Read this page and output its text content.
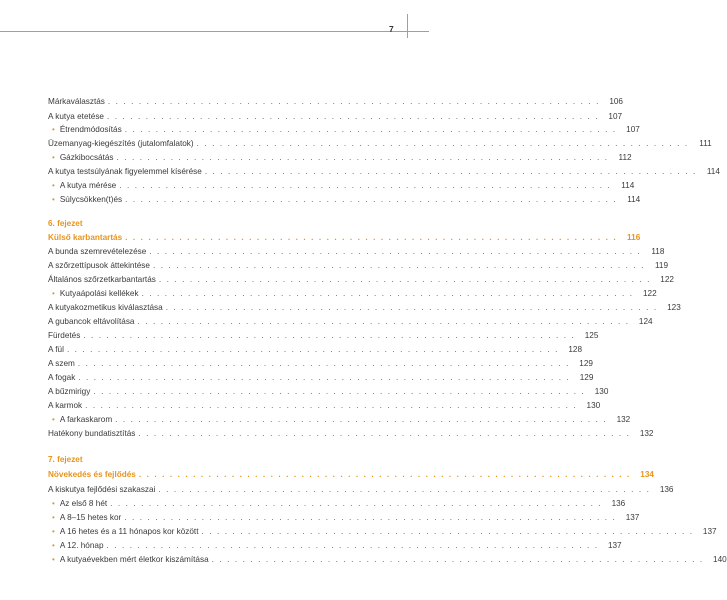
7
Márkaválasztás . . . . . . . . . . . . . . . . . . . . . . . . . . . . . . . . . . . . . . . . . . . . . . . . . . . . . . . . . . . . . . . .	106
A kutya etetése . . . . . . . . . . . . . . . . . . . . . . . . . . . . . . . . . . . . . . . . . . . . . . . . . . . . . . . . . . . . . . . .	107
• Étrendmódosítás . . . . . . . . . . . . . . . . . . . . . . . . . . . . . . . . . . . . . . . . . . . . . . . . . . . . . . . . . . . . . . . .	107
Üzemanyag-kiegészítés (jutalomfalatok) . . . . . . . . . . . . . . . . . . . . . . . . . . . . . . . . . . . . . . . . . . . . . . . . . . . . . . . . . . . . . . . .	111
• Gázkibocsátás . . . . . . . . . . . . . . . . . . . . . . . . . . . . . . . . . . . . . . . . . . . . . . . . . . . . . . . . . . . . . . . .	112
A kutya testsúlyának figyelemmel kísérése . . . . . . . . . . . . . . . . . . . . . . . . . . . . . . . . . . . . . . . . . . . . . . . . . . . . . . . . . . . . . . . .	114
• A kutya mérése . . . . . . . . . . . . . . . . . . . . . . . . . . . . . . . . . . . . . . . . . . . . . . . . . . . . . . . . . . . . . . . .	114
• Súlycsökken(t)és . . . . . . . . . . . . . . . . . . . . . . . . . . . . . . . . . . . . . . . . . . . . . . . . . . . . . . . . . . . . . . . .	114
6. fejezet
Külső karbantartás . . . . . . . . . . . . . . . . . . . . . . . . . . . . . . . . . . . . . . . . . . . . . . . . . . . . . . . . . . . . . . . .	116
A bunda szemrevételezése . . . . . . . . . . . . . . . . . . . . . . . . . . . . . . . . . . . . . . . . . . . . . . . . . . . . . . . . . . . . . . . .	118
A szőrzettípusok áttekintése . . . . . . . . . . . . . . . . . . . . . . . . . . . . . . . . . . . . . . . . . . . . . . . . . . . . . . . . . . . . . . . .	119
Általános szőrzetkarbantartás . . . . . . . . . . . . . . . . . . . . . . . . . . . . . . . . . . . . . . . . . . . . . . . . . . . . . . . . . . . . . . . .	122
• Kutyaápolási kellékek . . . . . . . . . . . . . . . . . . . . . . . . . . . . . . . . . . . . . . . . . . . . . . . . . . . . . . . . . . . . . . . .	122
A kutyakozmetikus kiválasztása . . . . . . . . . . . . . . . . . . . . . . . . . . . . . . . . . . . . . . . . . . . . . . . . . . . . . . . . . . . . . . . .	123
A gubancok eltávolítása . . . . . . . . . . . . . . . . . . . . . . . . . . . . . . . . . . . . . . . . . . . . . . . . . . . . . . . . . . . . . . . .	124
Fürdetés . . . . . . . . . . . . . . . . . . . . . . . . . . . . . . . . . . . . . . . . . . . . . . . . . . . . . . . . . . . . . . . .	125
A fül . . . . . . . . . . . . . . . . . . . . . . . . . . . . . . . . . . . . . . . . . . . . . . . . . . . . . . . . . . . . . . . .	128
A szem . . . . . . . . . . . . . . . . . . . . . . . . . . . . . . . . . . . . . . . . . . . . . . . . . . . . . . . . . . . . . . . .	129
A fogak . . . . . . . . . . . . . . . . . . . . . . . . . . . . . . . . . . . . . . . . . . . . . . . . . . . . . . . . . . . . . . . .	129
A bűzmirigy . . . . . . . . . . . . . . . . . . . . . . . . . . . . . . . . . . . . . . . . . . . . . . . . . . . . . . . . . . . . . . . .	130
A karmok . . . . . . . . . . . . . . . . . . . . . . . . . . . . . . . . . . . . . . . . . . . . . . . . . . . . . . . . . . . . . . . .	130
• A farkaskarom . . . . . . . . . . . . . . . . . . . . . . . . . . . . . . . . . . . . . . . . . . . . . . . . . . . . . . . . . . . . . . . .	132
Hatékony bundatisztítás . . . . . . . . . . . . . . . . . . . . . . . . . . . . . . . . . . . . . . . . . . . . . . . . . . . . . . . . . . . . . . . .	132
7. fejezet
Növekedés és fejlődés . . . . . . . . . . . . . . . . . . . . . . . . . . . . . . . . . . . . . . . . . . . . . . . . . . . . . . . . . . . . . . . .	134
A kiskutya fejlődési szakaszai . . . . . . . . . . . . . . . . . . . . . . . . . . . . . . . . . . . . . . . . . . . . . . . . . . . . . . . . . . . . . . . .	136
• Az első 8 hét . . . . . . . . . . . . . . . . . . . . . . . . . . . . . . . . . . . . . . . . . . . . . . . . . . . . . . . . . . . . . . . .	136
• A 8–15 hetes kor . . . . . . . . . . . . . . . . . . . . . . . . . . . . . . . . . . . . . . . . . . . . . . . . . . . . . . . . . . . . . . . .	137
• A 16 hetes és a 11 hónapos kor között . . . . . . . . . . . . . . . . . . . . . . . . . . . . . . . . . . . . . . . . . . . . . . . . . . . . . . . . . . . . . . . .	137
• A 12. hónap . . . . . . . . . . . . . . . . . . . . . . . . . . . . . . . . . . . . . . . . . . . . . . . . . . . . . . . . . . . . . . . .	137
• A kutyaévekben mért életkor kiszámítása . . . . . . . . . . . . . . . . . . . . . . . . . . . . . . . . . . . . . . . . . . . . . . . . . . . . . . . . . . . . . . . .	140
